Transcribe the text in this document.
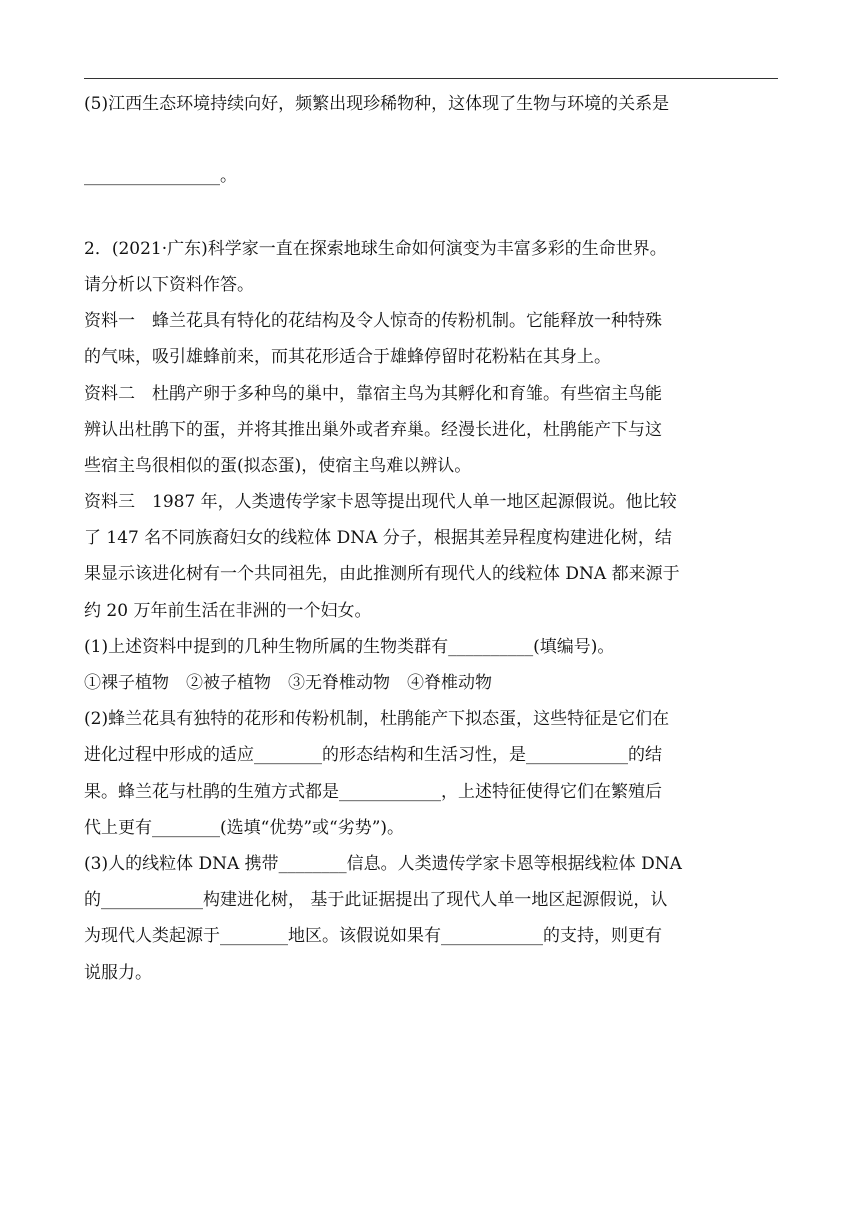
(5)江西生态环境持续向好，频繁出现珍稀物种，这体现了生物与环境的关系是
________________。
2．(2021·广东)科学家一直在探索地球生命如何演变为丰富多彩的生命世界。
请分析以下资料作答。
资料一　蜂兰花具有特化的花结构及令人惊奇的传粉机制。它能释放一种特殊
的气味，吸引雄蜂前来，而其花形适合于雄蜂停留时花粉粘在其身上。
资料二　杜鹃产卵于多种鸟的巢中，靠宿主鸟为其孵化和育雏。有些宿主鸟能
辨认出杜鹃下的蛋，并将其推出巢外或者弃巢。经漫长进化，杜鹃能产下与这
些宿主鸟很相似的蛋(拟态蛋)，使宿主鸟难以辨认。
资料三　1987 年，人类遗传学家卡恩等提出现代人单一地区起源假说。他比较
了 147 名不同族裔妇女的线粒体 DNA 分子，根据其差异程度构建进化树，结
果显示该进化树有一个共同祖先，由此推测所有现代人的线粒体 DNA 都来源于
约 20 万年前生活在非洲的一个妇女。
(1)上述资料中提到的几种生物所属的生物类群有__________(填编号)。
①裸子植物　②被子植物　③无脊椎动物　④脊椎动物
(2)蜂兰花具有独特的花形和传粉机制，杜鹃能产下拟态蛋，这些特征是它们在
进化过程中形成的适应________的形态结构和生活习性，是____________的结
果。蜂兰花与杜鹃的生殖方式都是____________，上述特征使得它们在繁殖后
代上更有________(选填“优势”或“劣势”)。
(3)人的线粒体 DNA 携带________信息。人类遗传学家卡恩等根据线粒体 DNA
的____________构建进化树， 基于此证据提出了现代人单一地区起源假说，认
为现代人类起源于________地区。该假说如果有____________的支持，则更有
说服力。
